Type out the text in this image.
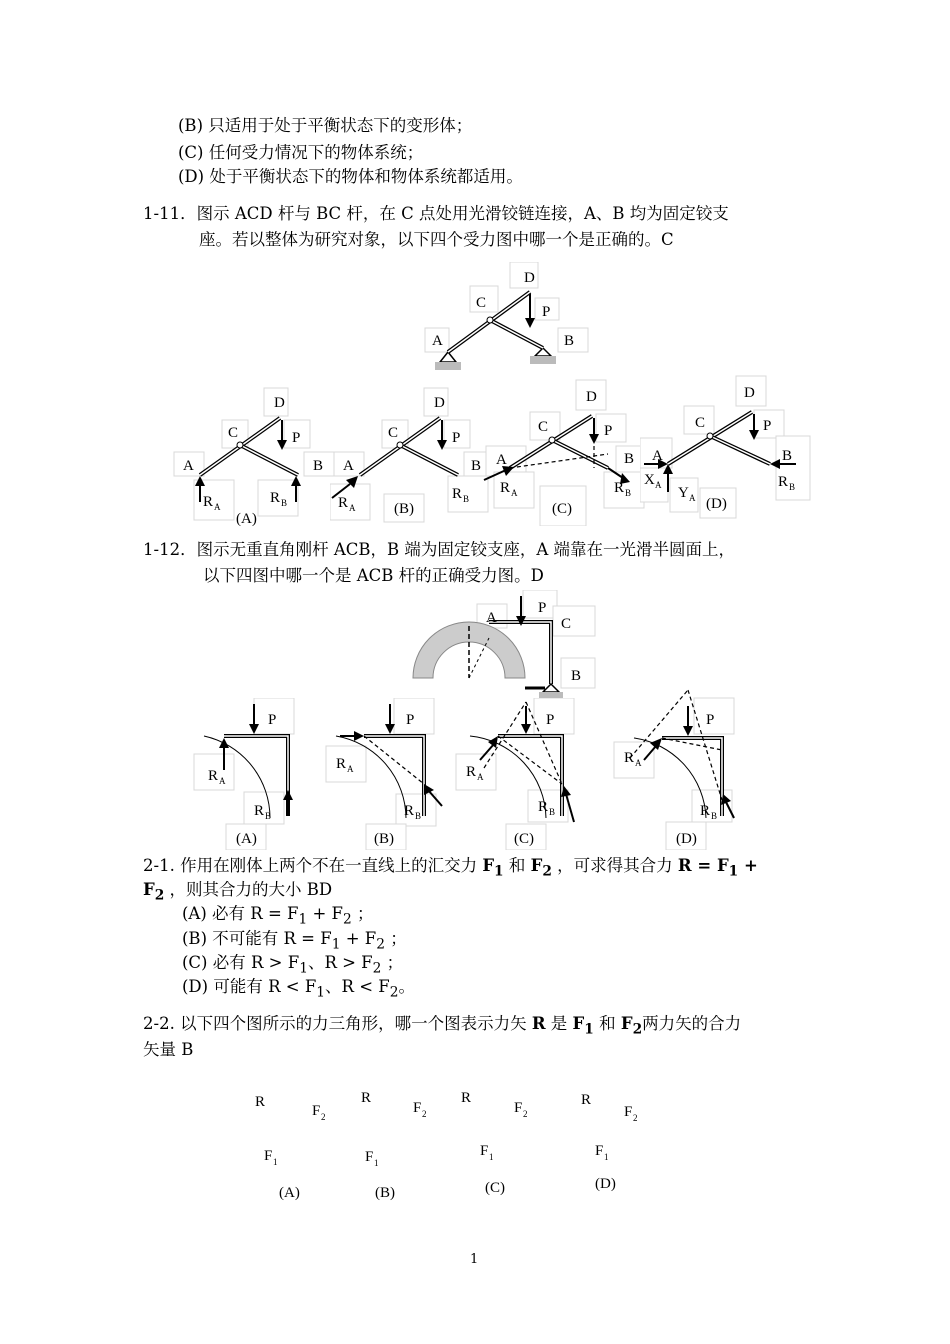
(B) 只适用于处于平衡状态下的变形体；
(C) 任何受力情况下的物体系统；
(D) 处于平衡状态下的物体和物体系统都适用。
1-11．图示 ACD 杆与 BC 杆，在 C 点处用光滑铰链连接，A、B 均为固定铰支
座。若以整体为研究对象，以下四个受力图中哪一个是正确的。C
D
C
P
A	B
D
C	P
A	B
R A
R B
(A)
D
C	P
A	B
R A
R B
(B)
D
C	P
A	B
R A	R B
(C)
D
C	P
A	B
X A Y A
R B
(D)
1-12．图示无重直角刚杆 ACB，B 端为固定铰支座，A 端靠在一光滑半圆面上，
以下四图中哪一个是 ACB 杆的正确受力图。D
A
P
C
B
P
R A
R B
(A)
P
R A
R B
(B)
P
R A
R B
(C)
P
R A
R B
(D)
2-1. 作用在刚体上两个不在一直线上的汇交力 $F_1$ 和 $F_2$ ，可求得其合力 $R = F_1$ +
$F_2$ ，则其合力的大小 BD
(A) 必有 $R = F_1 + F_2$ ；
(B) 不可能有 $R = F_1 + F_2$ ；
(C) 必有 $R > F_1$、$R > F_2$ ；
(D) 可能有 $R < F_1$、$R < F_2$。
2-2. 以下四个图所示的力三角形，哪一个图表示力矢 R 是 $F_1$ 和 $F_2$两力矢的合力
矢量 B
R
F 2
F 1
(A)
R
F 2
F 1
(B)
R
F 2
F 1
(C)
R
F 2
F 1
(D)
1
